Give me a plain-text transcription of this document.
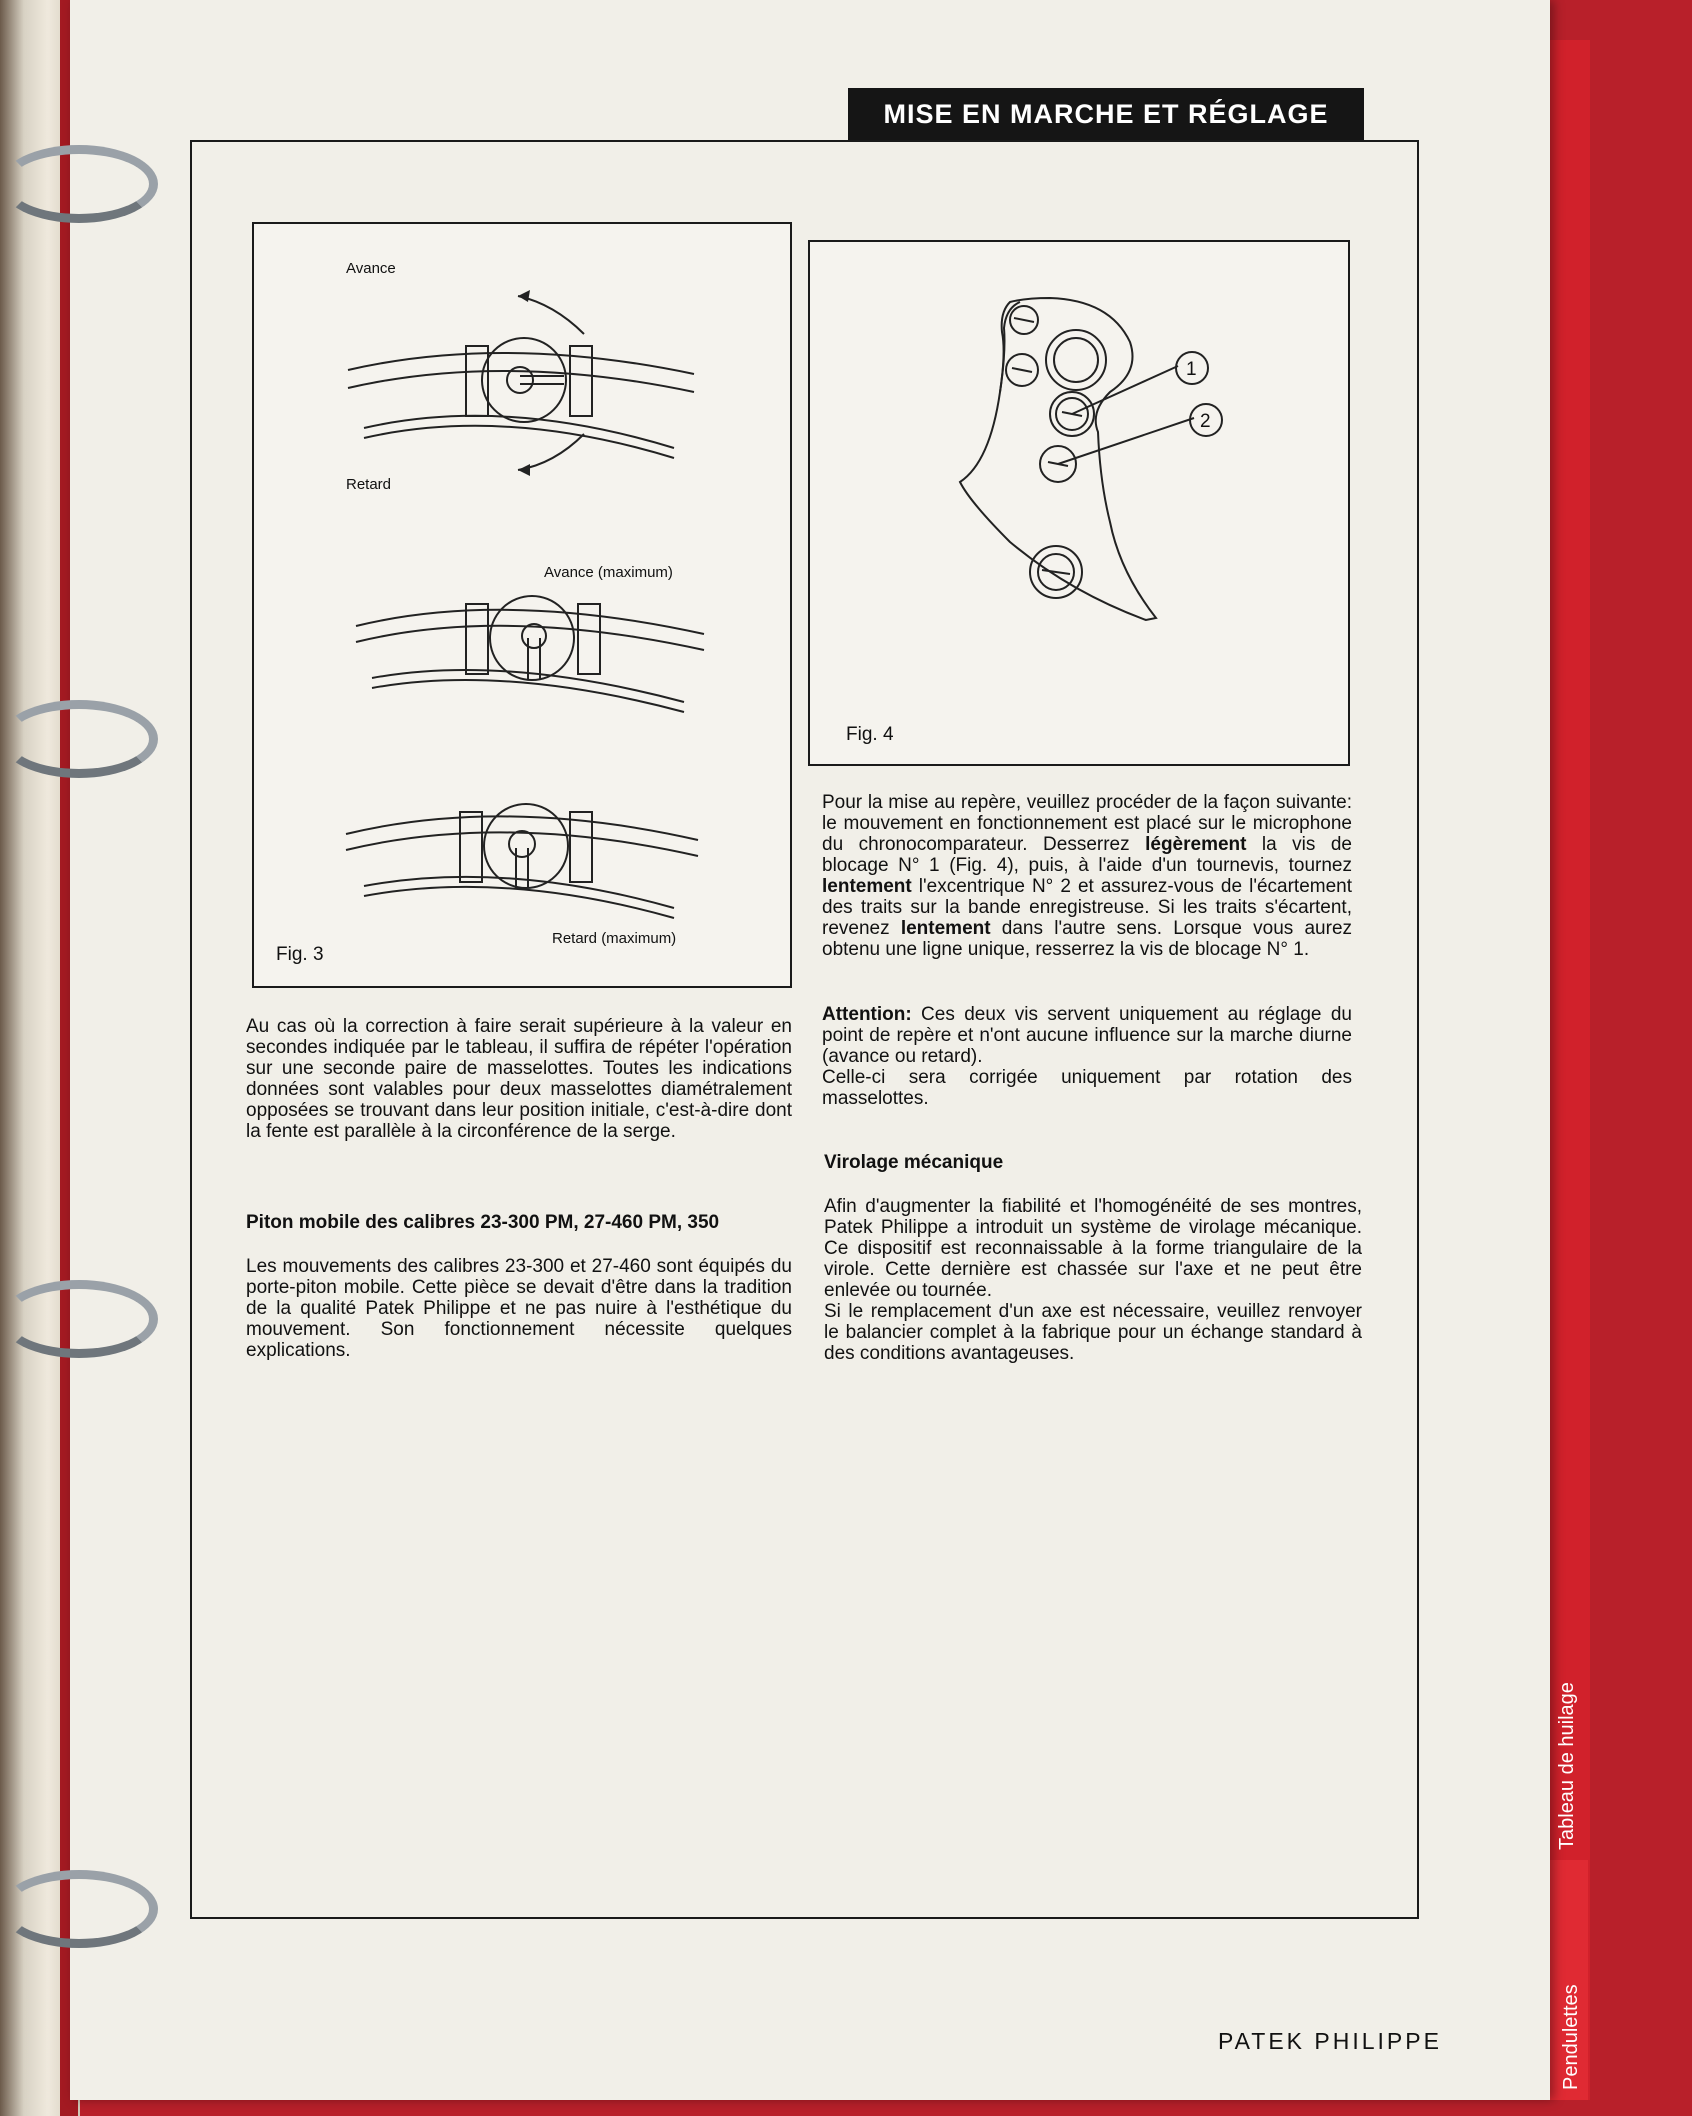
MISE EN MARCHE ET RÉGLAGE
Avance
Retard
Avance (maximum)
Retard (maximum)
Fig. 3
1
2
Fig. 4
Au cas où la correction à faire serait supérieure à la valeur en secondes indiquée par le tableau, il suffira de répéter l'opération sur une seconde paire de masselottes. Toutes les indications données sont valables pour deux masselottes diamétralement opposées se trouvant dans leur position initiale, c'est-à-dire dont la fente est parallèle à la circonférence de la serge.
Piton mobile des calibres 23-300 PM, 27-460 PM, 350
Les mouvements des calibres 23-300 et 27-460 sont équipés du porte-piton mobile. Cette pièce se devait d'être dans la tradition de la qualité Patek Philippe et ne pas nuire à l'esthétique du mouvement. Son fonctionnement nécessite quelques explications.
Pour la mise au repère, veuillez procéder de la façon suivante: le mouvement en fonctionnement est placé sur le microphone du chronocomparateur. Desserrez légèrement la vis de blocage N° 1 (Fig. 4), puis, à l'aide d'un tournevis, tournez lentement l'excentrique N° 2 et assurez-vous de l'écartement des traits sur la bande enregistreuse. Si les traits s'écartent, revenez lentement dans l'autre sens. Lorsque vous aurez obtenu une ligne unique, resserrez la vis de blocage N° 1.
Attention: Ces deux vis servent uniquement au réglage du point de repère et n'ont aucune influence sur la marche diurne (avance ou retard).
Celle-ci sera corrigée uniquement par rotation des masselottes.
Virolage mécanique
Afin d'augmenter la fiabilité et l'homogénéité de ses montres, Patek Philippe a introduit un système de virolage mécanique. Ce dispositif est reconnaissable à la forme triangulaire de la virole. Cette dernière est chassée sur l'axe et ne peut être enlevée ou tournée.
Si le remplacement d'un axe est nécessaire, veuillez renvoyer le balancier complet à la fabrique pour un échange standard à des conditions avantageuses.
Tableau de huilage
Pendulettes
PATEK PHILIPPE
